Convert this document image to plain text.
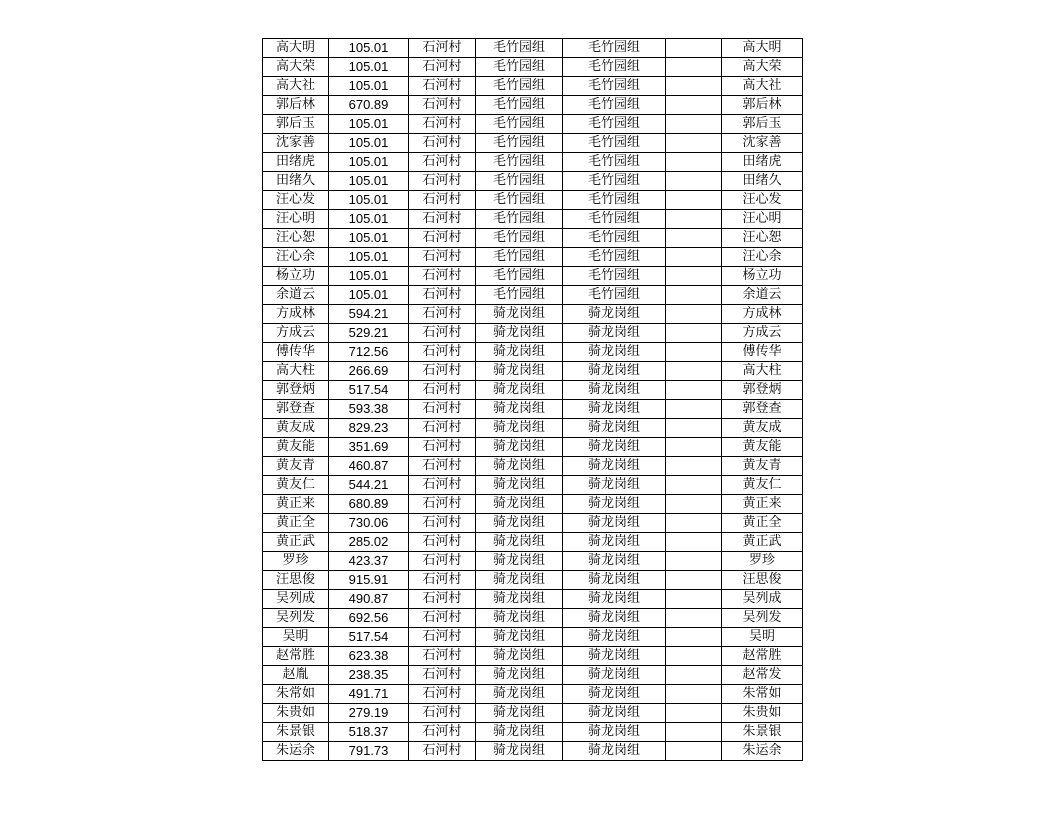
高大明	105.01	石河村	毛竹园组	毛竹园组		高大明
高大荣	105.01	石河村	毛竹园组	毛竹园组		高大荣
高大社	105.01	石河村	毛竹园组	毛竹园组		高大社
郭后林	670.89	石河村	毛竹园组	毛竹园组		郭后林
郭后玉	105.01	石河村	毛竹园组	毛竹园组		郭后玉
沈家善	105.01	石河村	毛竹园组	毛竹园组		沈家善
田绪虎	105.01	石河村	毛竹园组	毛竹园组		田绪虎
田绪久	105.01	石河村	毛竹园组	毛竹园组		田绪久
汪心发	105.01	石河村	毛竹园组	毛竹园组		汪心发
汪心明	105.01	石河村	毛竹园组	毛竹园组		汪心明
汪心恕	105.01	石河村	毛竹园组	毛竹园组		汪心恕
汪心余	105.01	石河村	毛竹园组	毛竹园组		汪心余
杨立功	105.01	石河村	毛竹园组	毛竹园组		杨立功
余道云	105.01	石河村	毛竹园组	毛竹园组		余道云
方成林	594.21	石河村	骑龙岗组	骑龙岗组		方成林
方成云	529.21	石河村	骑龙岗组	骑龙岗组		方成云
傅传华	712.56	石河村	骑龙岗组	骑龙岗组		傅传华
高大柱	266.69	石河村	骑龙岗组	骑龙岗组		高大柱
郭登炳	517.54	石河村	骑龙岗组	骑龙岗组		郭登炳
郭登查	593.38	石河村	骑龙岗组	骑龙岗组		郭登查
黄友成	829.23	石河村	骑龙岗组	骑龙岗组		黄友成
黄友能	351.69	石河村	骑龙岗组	骑龙岗组		黄友能
黄友青	460.87	石河村	骑龙岗组	骑龙岗组		黄友青
黄友仁	544.21	石河村	骑龙岗组	骑龙岗组		黄友仁
黄正来	680.89	石河村	骑龙岗组	骑龙岗组		黄正来
黄正全	730.06	石河村	骑龙岗组	骑龙岗组		黄正全
黄正武	285.02	石河村	骑龙岗组	骑龙岗组		黄正武
罗珍	423.37	石河村	骑龙岗组	骑龙岗组		罗珍
汪思俊	915.91	石河村	骑龙岗组	骑龙岗组		汪思俊
吴列成	490.87	石河村	骑龙岗组	骑龙岗组		吴列成
吴列发	692.56	石河村	骑龙岗组	骑龙岗组		吴列发
吴明	517.54	石河村	骑龙岗组	骑龙岗组		吴明
赵常胜	623.38	石河村	骑龙岗组	骑龙岗组		赵常胜
赵胤	238.35	石河村	骑龙岗组	骑龙岗组		赵常发
朱常如	491.71	石河村	骑龙岗组	骑龙岗组		朱常如
朱贵如	279.19	石河村	骑龙岗组	骑龙岗组		朱贵如
朱景银	518.37	石河村	骑龙岗组	骑龙岗组		朱景银
朱运余	791.73	石河村	骑龙岗组	骑龙岗组		朱运余
